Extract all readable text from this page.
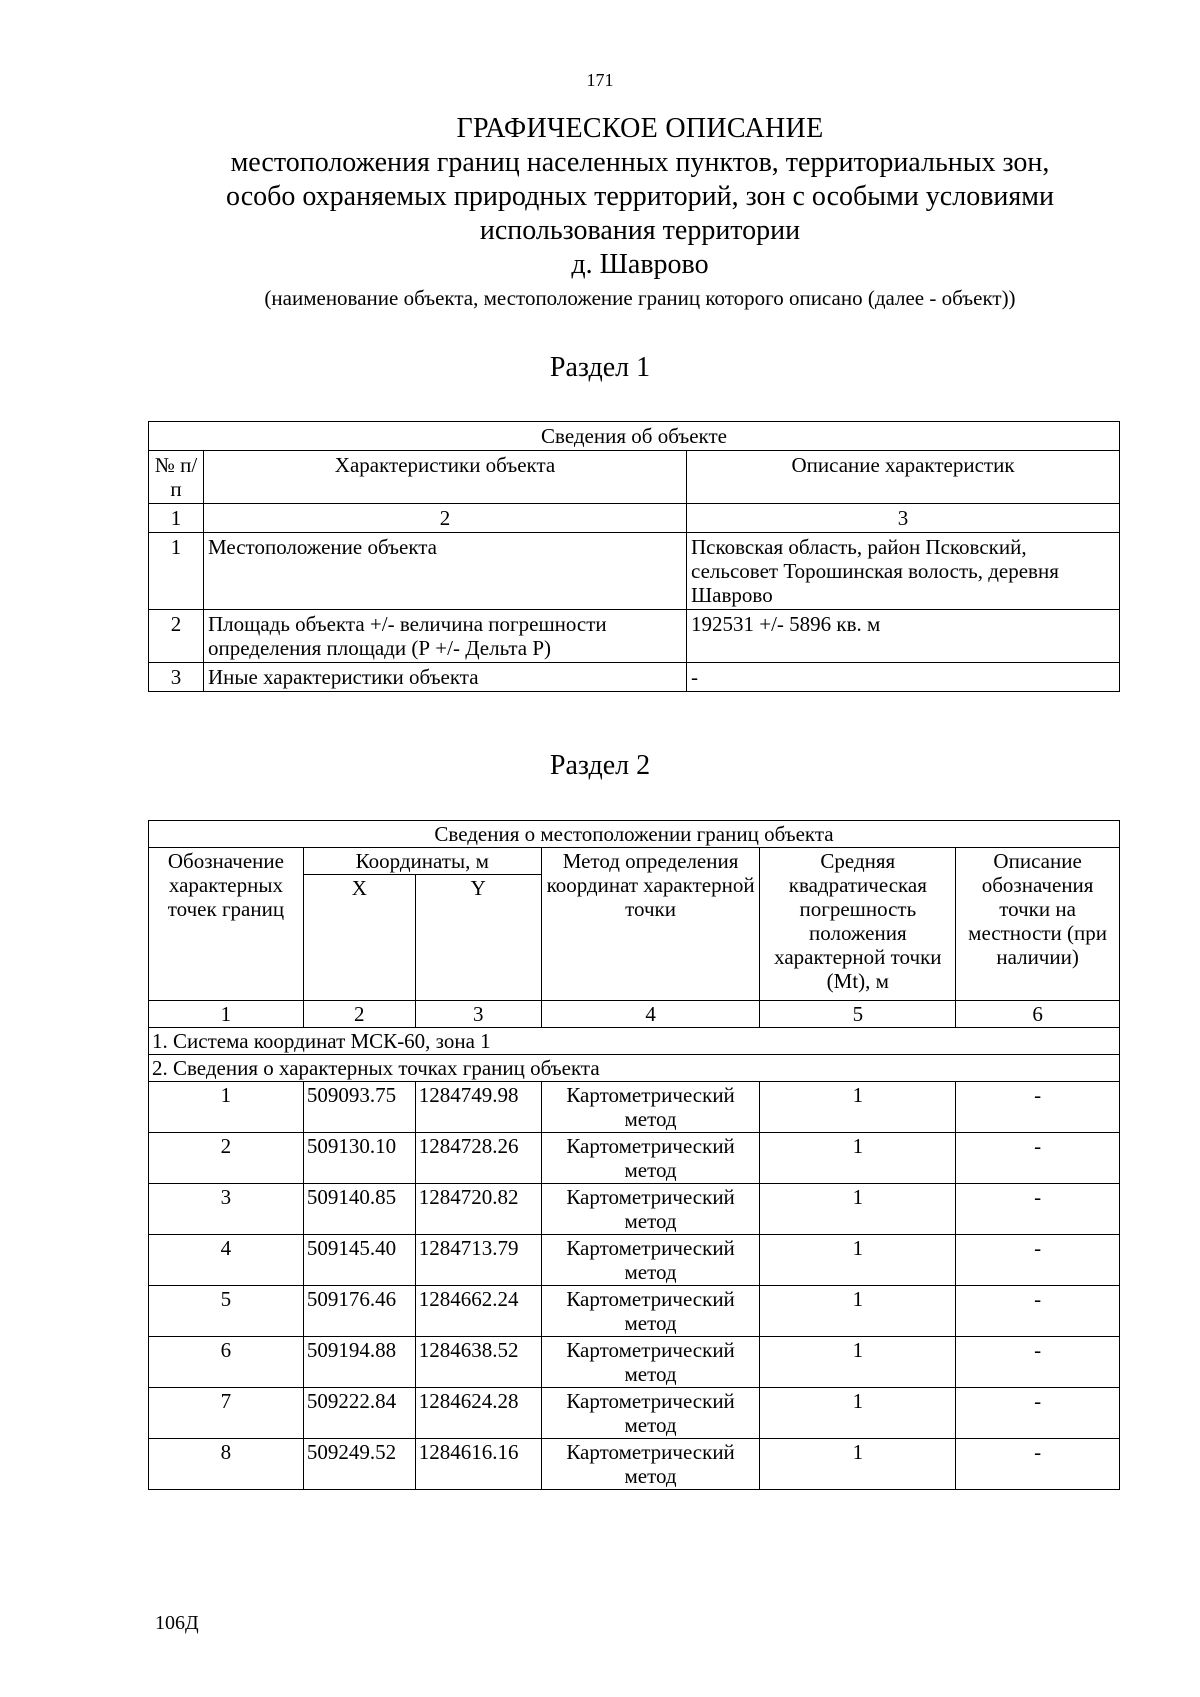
171
ГРАФИЧЕСКОЕ ОПИСАНИЕ
местоположения границ населенных пунктов, территориальных зон,
особо охраняемых природных территорий, зон с особыми условиями
использования территории
д. Шаврово
(наименование объекта, местоположение границ которого описано (далее - объект))
Раздел 1
Сведения об объекте		
№ п/п	Характеристики объекта	Описание характеристик
1	2	3
1	Местоположение объекта	Псковская область, район Псковский, сельсовет Торошинская волость, деревня Шаврово
2	Площадь объекта +/- величина погрешности определения площади (Р +/- Дельта Р)	192531 +/- 5896 кв. м
3	Иные характеристики объекта	-
Раздел 2
Сведения о местоположении границ объекта					
Обозначение характерных точек границ	Координаты, м		Метод определения координат характерной точки	Средняя квадратическая погрешность положения характерной точки (Mt), м	Описание обозначения точки на местности (при наличии)
	X	Y			
1	2	3	4	5	6
1. Система координат МСК-60, зона 1					
2. Сведения о характерных точках границ объекта					
1	509093.75	1284749.98	Картометрический метод	1	-
2	509130.10	1284728.26	Картометрический метод	1	-
3	509140.85	1284720.82	Картометрический метод	1	-
4	509145.40	1284713.79	Картометрический метод	1	-
5	509176.46	1284662.24	Картометрический метод	1	-
6	509194.88	1284638.52	Картометрический метод	1	-
7	509222.84	1284624.28	Картометрический метод	1	-
8	509249.52	1284616.16	Картометрический метод	1	-
106Д
